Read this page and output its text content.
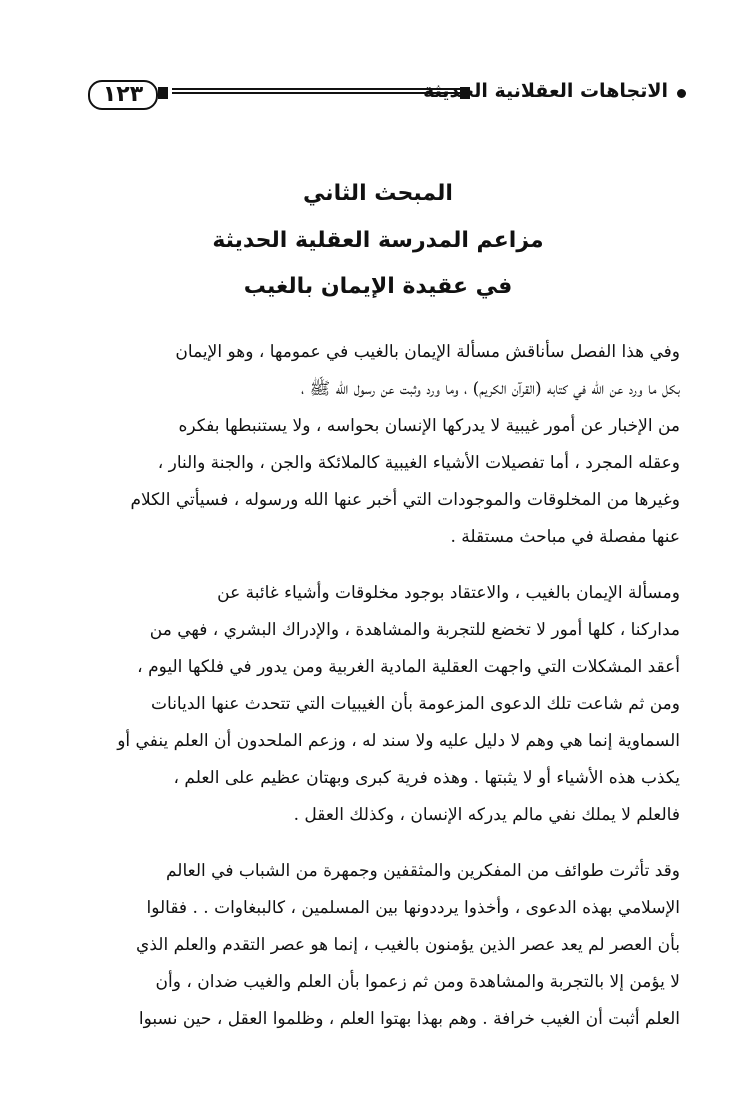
١٢٣	الاتجاهات العقلانية الحديثة
المبحث الثاني
مزاعم المدرسة العقلية الحديثة
في عقيدة الإيمان بالغيب
وفي هذا الفصل سأناقش مسألة الإيمان بالغيب في عمومها ، وهو الإيمان
بكل ما ورد عن الله في كتابه (القرآن الكريم) ، وما ورد وثبت عن رسول الله ﷺ ،
من الإخبار عن أمور غيبية لا يدركها الإنسان بحواسه ، ولا يستنبطها بفكره
وعقله المجرد ، أما تفصيلات الأشياء الغيبية كالملائكة والجن ، والجنة والنار ،
وغيرها من المخلوقات والموجودات التي أخبر عنها الله ورسوله ، فسيأتي الكلام
عنها مفصلة في مباحث مستقلة .
ومسألة الإيمان بالغيب ، والاعتقاد بوجود مخلوقات وأشياء غائبة عن
مداركنا ، كلها أمور لا تخضع للتجربة والمشاهدة ، والإدراك البشري ، فهي من
أعقد المشكلات التي واجهت العقلية المادية الغربية ومن يدور في فلكها اليوم ،
ومن ثم شاعت تلك الدعوى المزعومة بأن الغيبيات التي تتحدث عنها الديانات
السماوية إنما هي وهم لا دليل عليه ولا سند له ، وزعم الملحدون أن العلم ينفي أو
يكذب هذه الأشياء أو لا يثبتها . وهذه فرية كبرى وبهتان عظيم على العلم ،
فالعلم لا يملك نفي مالم يدركه الإنسان ، وكذلك العقل .
وقد تأثرت طوائف من المفكرين والمثقفين وجمهرة من الشباب في العالم
الإسلامي بهذه الدعوى ، وأخذوا يرددونها بين المسلمين ، كالببغاوات . . فقالوا
بأن العصر لم يعد عصر الذين يؤمنون بالغيب ، إنما هو عصر التقدم والعلم الذي
لا يؤمن إلا بالتجربة والمشاهدة ومن ثم زعموا بأن العلم والغيب ضدان ، وأن
العلم أثبت أن الغيب خرافة . وهم بهذا بهتوا العلم ، وظلموا العقل ، حين نسبوا
